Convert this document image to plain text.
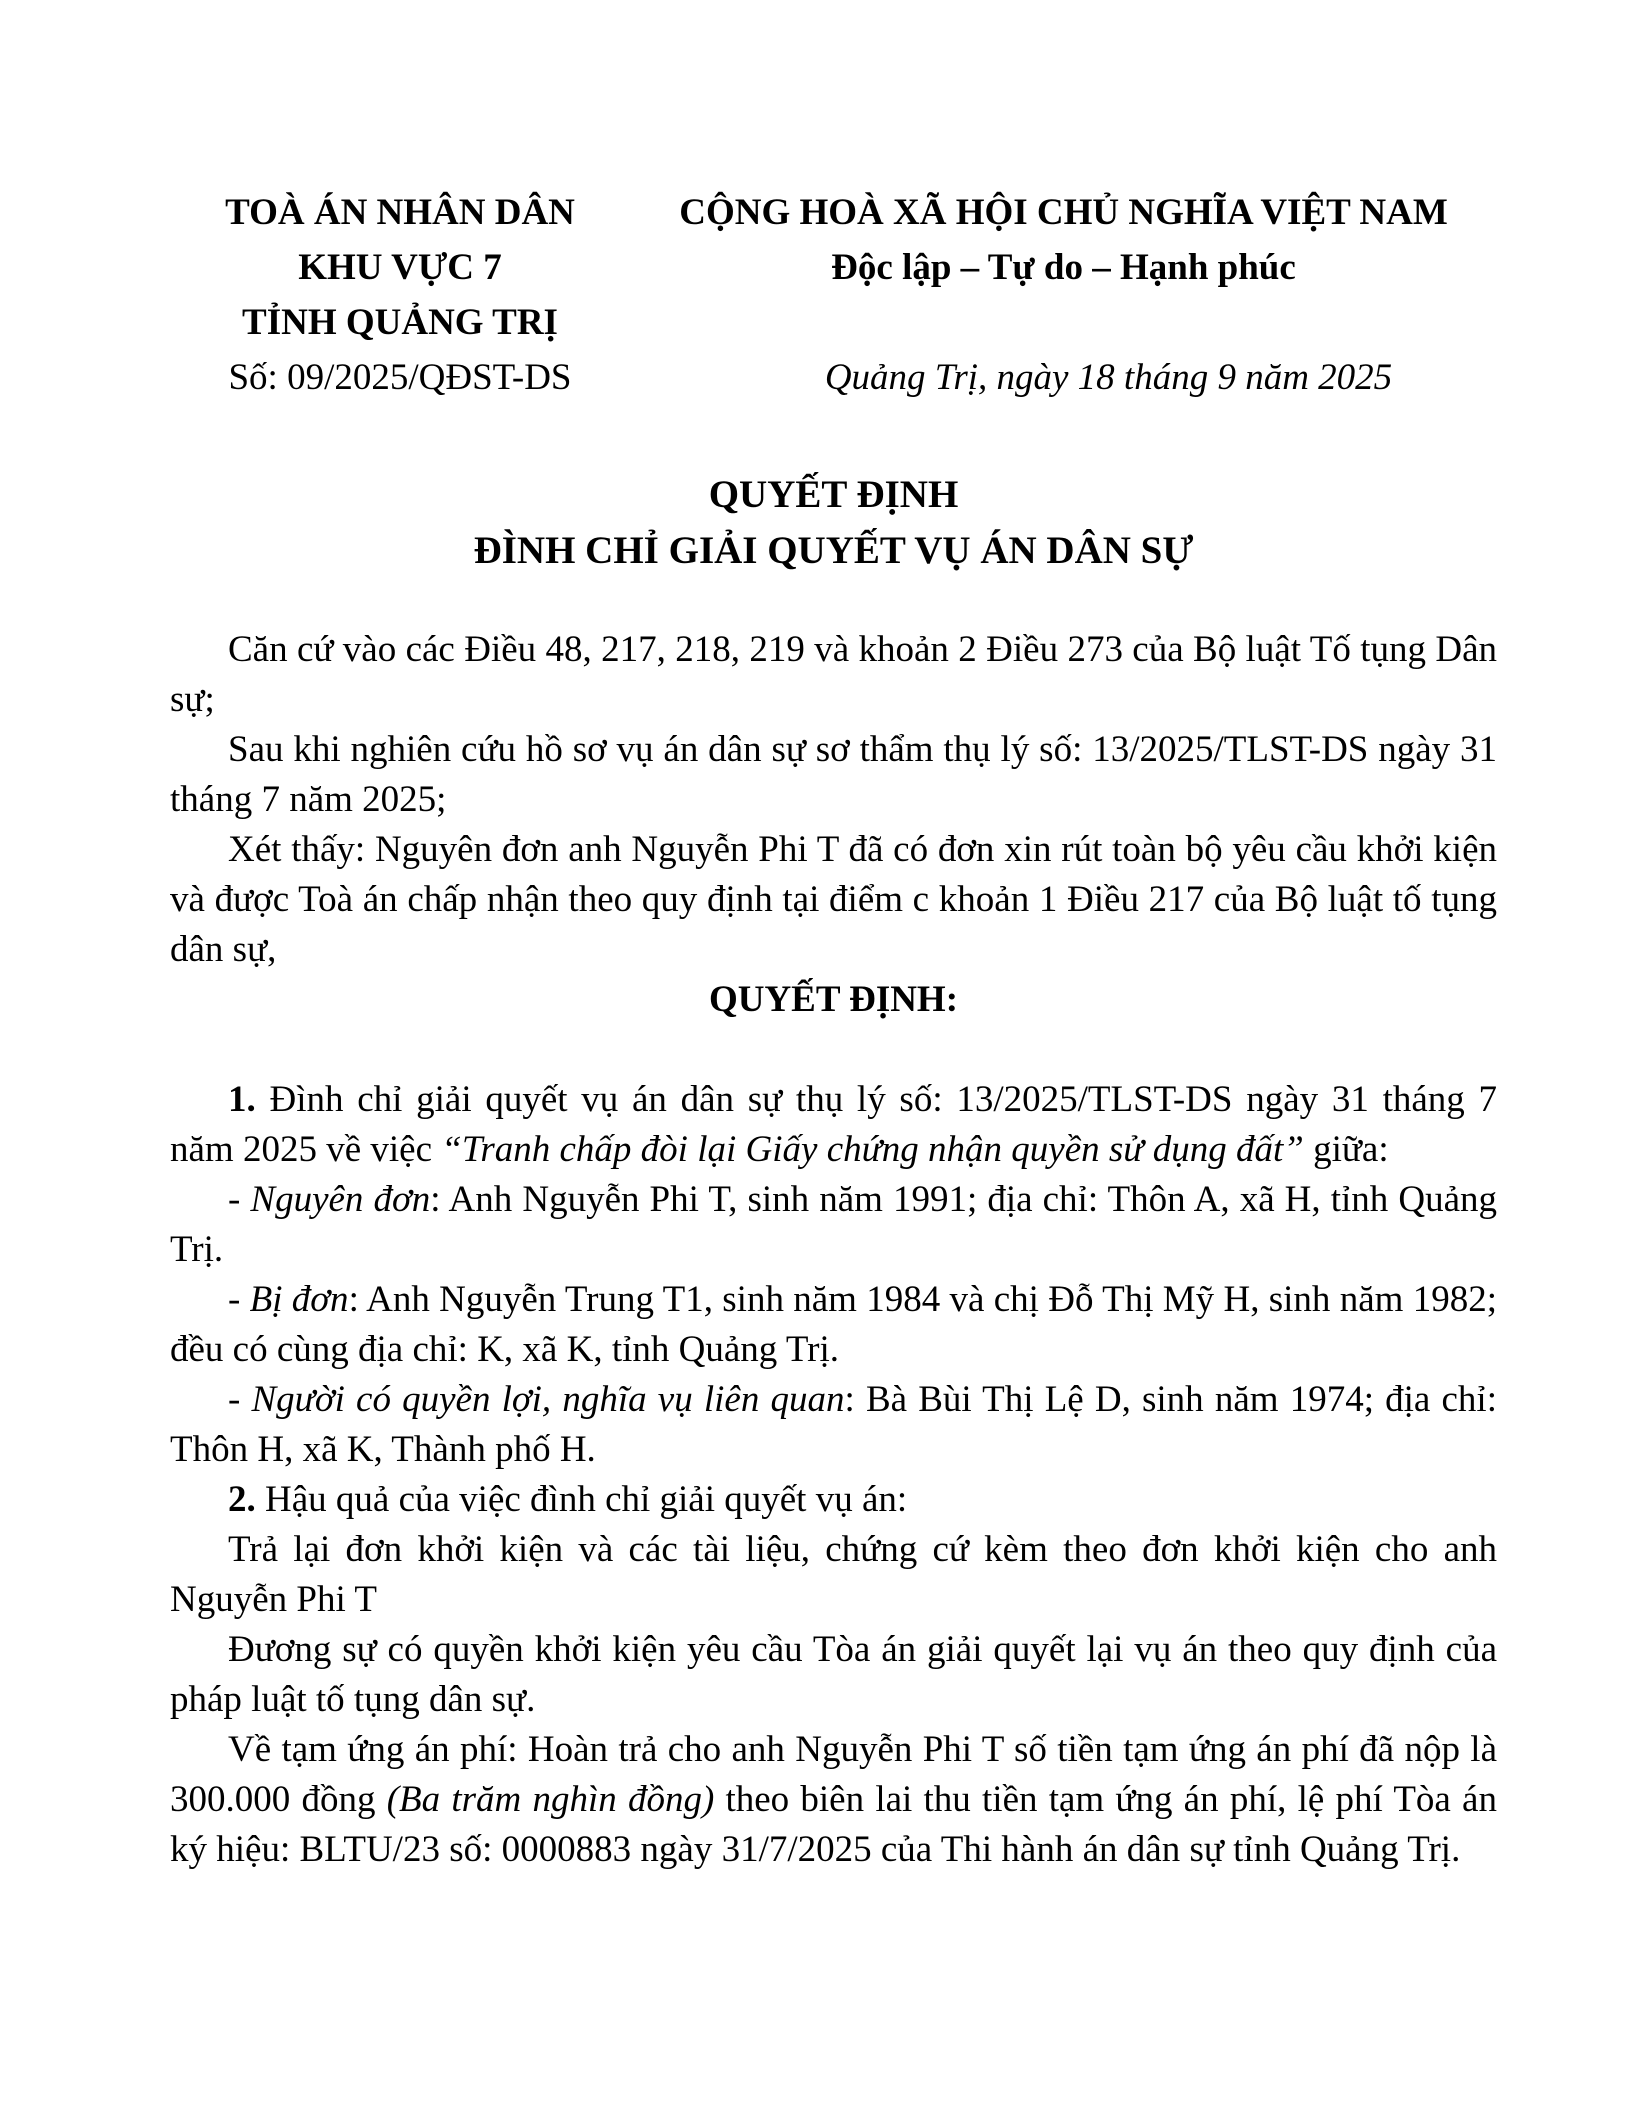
TOÀ ÁN NHÂN DÂN
KHU VỰC 7
TỈNH QUẢNG TRỊ
Số: 09/2025/QĐST-DS
CỘNG HOÀ XÃ HỘI CHỦ NGHĨA VIỆT NAM
Độc lập – Tự do – Hạnh phúc
Quảng Trị, ngày 18 tháng 9 năm 2025
QUYẾT ĐỊNH
ĐÌNH CHỈ GIẢI QUYẾT VỤ ÁN DÂN SỰ

Căn cứ vào các Điều 48, 217, 218, 219 và khoản 2 Điều 273 của Bộ luật Tố tụng Dân sự;

Sau khi nghiên cứu hồ sơ vụ án dân sự sơ thẩm thụ lý số: 13/2025/TLST-DS ngày 31 tháng 7 năm 2025;

Xét thấy: Nguyên đơn anh Nguyễn Phi T đã có đơn xin rút toàn bộ yêu cầu khởi kiện và được Toà án chấp nhận theo quy định tại điểm c khoản 1 Điều 217 của Bộ luật tố tụng dân sự,

QUYẾT ĐỊNH:

1. Đình chỉ giải quyết vụ án dân sự thụ lý số: 13/2025/TLST-DS ngày 31 tháng 7 năm 2025 về việc “Tranh chấp đòi lại Giấy chứng nhận quyền sử dụng đất” giữa:

- Nguyên đơn: Anh Nguyễn Phi T, sinh năm 1991; địa chỉ: Thôn A, xã H, tỉnh Quảng Trị.

- Bị đơn: Anh Nguyễn Trung T1, sinh năm 1984 và chị Đỗ Thị Mỹ H, sinh năm 1982; đều có cùng địa chỉ: K, xã K, tỉnh Quảng Trị.

- Người có quyền lợi, nghĩa vụ liên quan: Bà Bùi Thị Lệ D, sinh năm 1974; địa chỉ: Thôn H, xã K, Thành phố H.

2. Hậu quả của việc đình chỉ giải quyết vụ án:

Trả lại đơn khởi kiện và các tài liệu, chứng cứ kèm theo đơn khởi kiện cho anh Nguyễn Phi T

Đương sự có quyền khởi kiện yêu cầu Tòa án giải quyết lại vụ án theo quy định của pháp luật tố tụng dân sự.

Về tạm ứng án phí: Hoàn trả cho anh Nguyễn Phi T số tiền tạm ứng án phí đã nộp là 300.000 đồng (Ba trăm nghìn đồng) theo biên lai thu tiền tạm ứng án phí, lệ phí Tòa án ký hiệu: BLTU/23 số: 0000883 ngày 31/7/2025 của Thi hành án dân sự tỉnh Quảng Trị.
